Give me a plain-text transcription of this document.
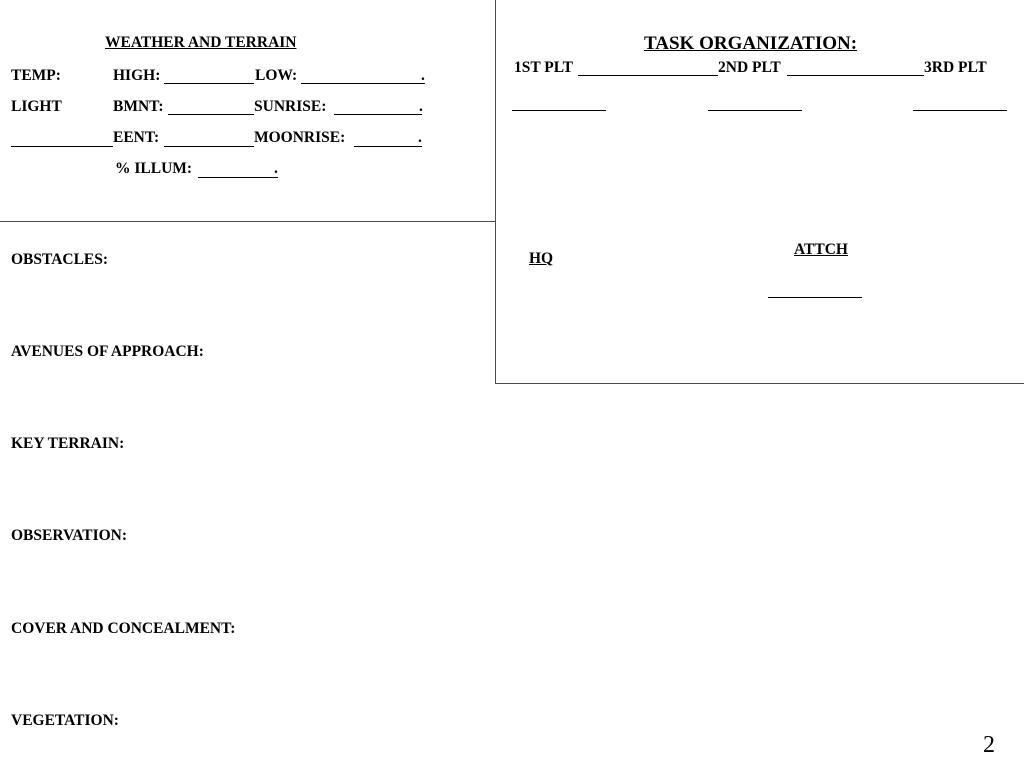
WEATHER AND TERRAIN
TEMP:	HIGH:	LOW:	.
LIGHT	BMNT:	SUNRISE:	.
EENT:	MOONRISE:	.
% ILLUM:	.
TASK ORGANIZATION:
1ST PLT	2ND PLT	3RD PLT
HQ
ATTCH
OBSTACLES:
AVENUES OF APPROACH:
KEY TERRAIN:
OBSERVATION:
COVER AND CONCEALMENT:
VEGETATION:
2
